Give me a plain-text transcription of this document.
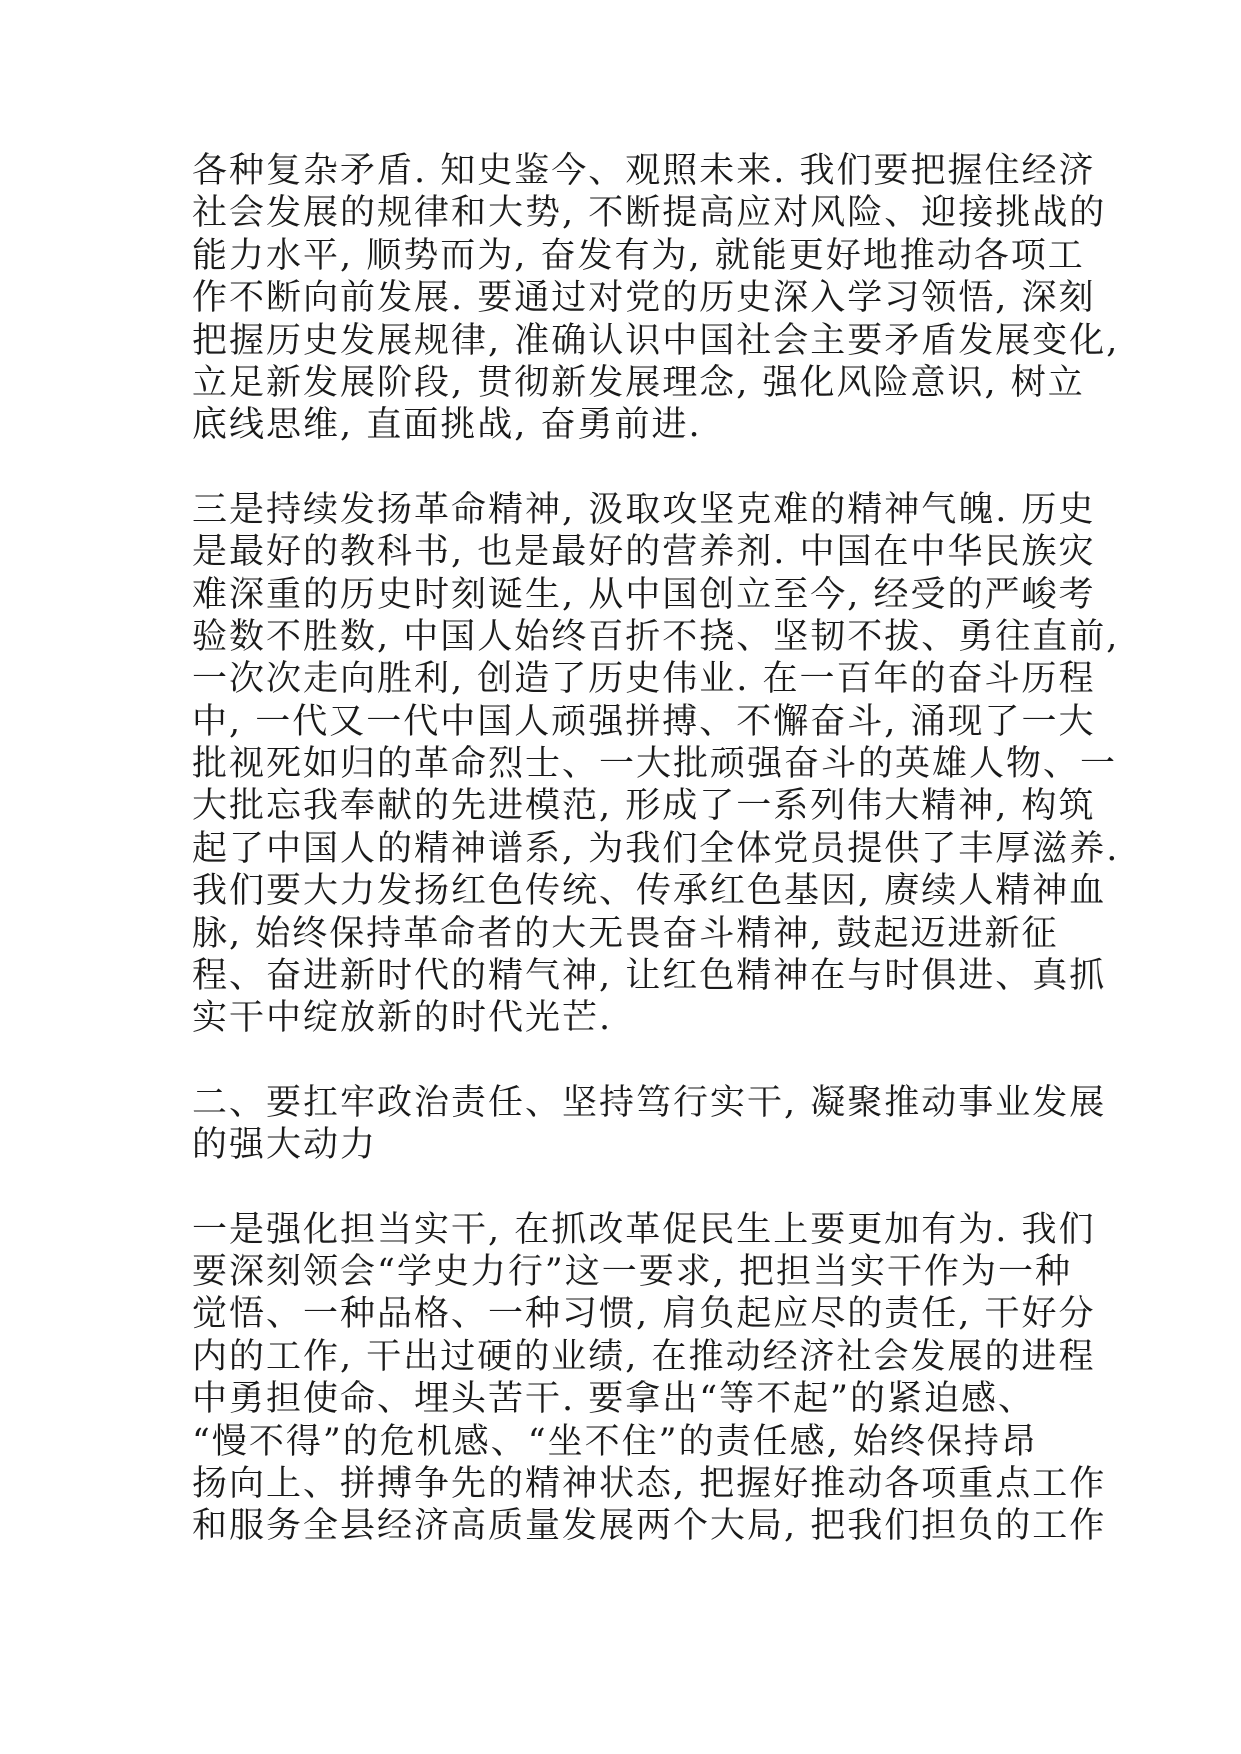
各种复杂矛盾. 知史鉴今、观照未来. 我们要把握住经济
社会发展的规律和大势, 不断提高应对风险、迎接挑战的
能力水平, 顺势而为, 奋发有为, 就能更好地推动各项工
作不断向前发展. 要通过对党的历史深入学习领悟, 深刻
把握历史发展规律, 准确认识中国社会主要矛盾发展变化,
立足新发展阶段, 贯彻新发展理念, 强化风险意识, 树立
底线思维, 直面挑战, 奋勇前进.
三是持续发扬革命精神, 汲取攻坚克难的精神气魄. 历史
是最好的教科书, 也是最好的营养剂. 中国在中华民族灾
难深重的历史时刻诞生, 从中国创立至今, 经受的严峻考
验数不胜数, 中国人始终百折不挠、坚韧不拔、勇往直前,
一次次走向胜利, 创造了历史伟业. 在一百年的奋斗历程
中, 一代又一代中国人顽强拼搏、不懈奋斗, 涌现了一大
批视死如归的革命烈士、一大批顽强奋斗的英雄人物、一
大批忘我奉献的先进模范, 形成了一系列伟大精神, 构筑
起了中国人的精神谱系, 为我们全体党员提供了丰厚滋养.
我们要大力发扬红色传统、传承红色基因, 赓续人精神血
脉, 始终保持革命者的大无畏奋斗精神, 鼓起迈进新征
程、奋进新时代的精气神, 让红色精神在与时俱进、真抓
实干中绽放新的时代光芒.
二、要扛牢政治责任、坚持笃行实干, 凝聚推动事业发展
的强大动力
一是强化担当实干, 在抓改革促民生上要更加有为. 我们
要深刻领会“学史力行”这一要求, 把担当实干作为一种
觉悟、一种品格、一种习惯, 肩负起应尽的责任, 干好分
内的工作, 干出过硬的业绩, 在推动经济社会发展的进程
中勇担使命、埋头苦干. 要拿出“等不起”的紧迫感、
“慢不得”的危机感、“坐不住”的责任感, 始终保持昂
扬向上、拼搏争先的精神状态, 把握好推动各项重点工作
和服务全县经济高质量发展两个大局, 把我们担负的工作
